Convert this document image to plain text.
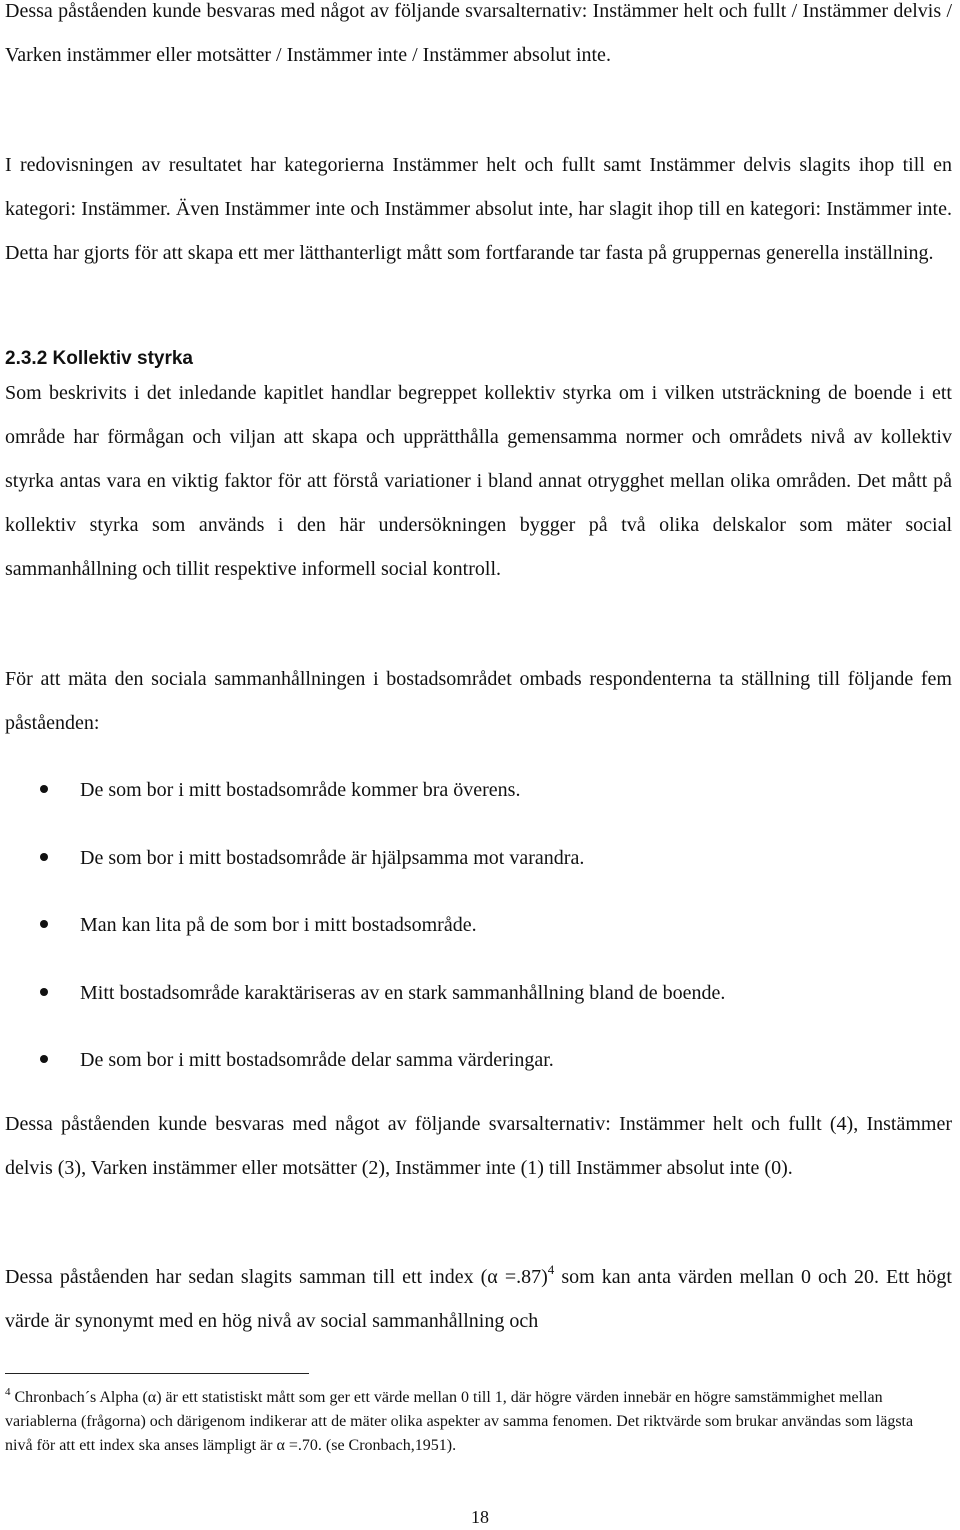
Dessa påståenden kunde besvaras med något av följande svarsalternativ: Instämmer helt och fullt / Instämmer delvis / Varken instämmer eller motsätter / Instämmer inte / Instämmer absolut inte.

I redovisningen av resultatet har kategorierna Instämmer helt och fullt samt Instämmer delvis slagits ihop till en kategori: Instämmer. Även Instämmer inte och Instämmer absolut inte, har slagit ihop till en kategori: Instämmer inte. Detta har gjorts för att skapa ett mer lätthanterligt mått som fortfarande tar fasta på gruppernas generella inställning.

2.3.2 Kollektiv styrka

Som beskrivits i det inledande kapitlet handlar begreppet kollektiv styrka om i vilken utsträckning de boende i ett område har förmågan och viljan att skapa och upprätthålla gemensamma normer och områdets nivå av kollektiv styrka antas vara en viktig faktor för att förstå variationer i bland annat otrygghet mellan olika områden. Det mått på kollektiv styrka som används i den här undersökningen bygger på två olika delskalor som mäter social sammanhållning och tillit respektive informell social kontroll.

För att mäta den sociala sammanhållningen i bostadsområdet ombads respondenterna ta ställning till följande fem påståenden:

De som bor i mitt bostadsområde kommer bra överens.
De som bor i mitt bostadsområde är hjälpsamma mot varandra.
Man kan lita på de som bor i mitt bostadsområde.
Mitt bostadsområde karaktäriseras av en stark sammanhållning bland de boende.
De som bor i mitt bostadsområde delar samma värderingar.

Dessa påståenden kunde besvaras med något av följande svarsalternativ: Instämmer helt och fullt (4), Instämmer delvis (3), Varken instämmer eller motsätter (2), Instämmer inte (1) till Instämmer absolut inte (0).

Dessa påståenden har sedan slagits samman till ett index (α =.87)$^4$ som kan anta värden mellan 0 och 20. Ett högt värde är synonymt med en hög nivå av social sammanhållning och

$^4$ Chronbach´s Alpha (α) är ett statistiskt mått som ger ett värde mellan 0 till 1, där högre värden innebär en högre samstämmighet mellan variablerna (frågorna) och därigenom indikerar att de mäter olika aspekter av samma fenomen. Det riktvärde som brukar användas som lägsta nivå för att ett index ska anses lämpligt är α =.70. (se Cronbach,1951).

18
